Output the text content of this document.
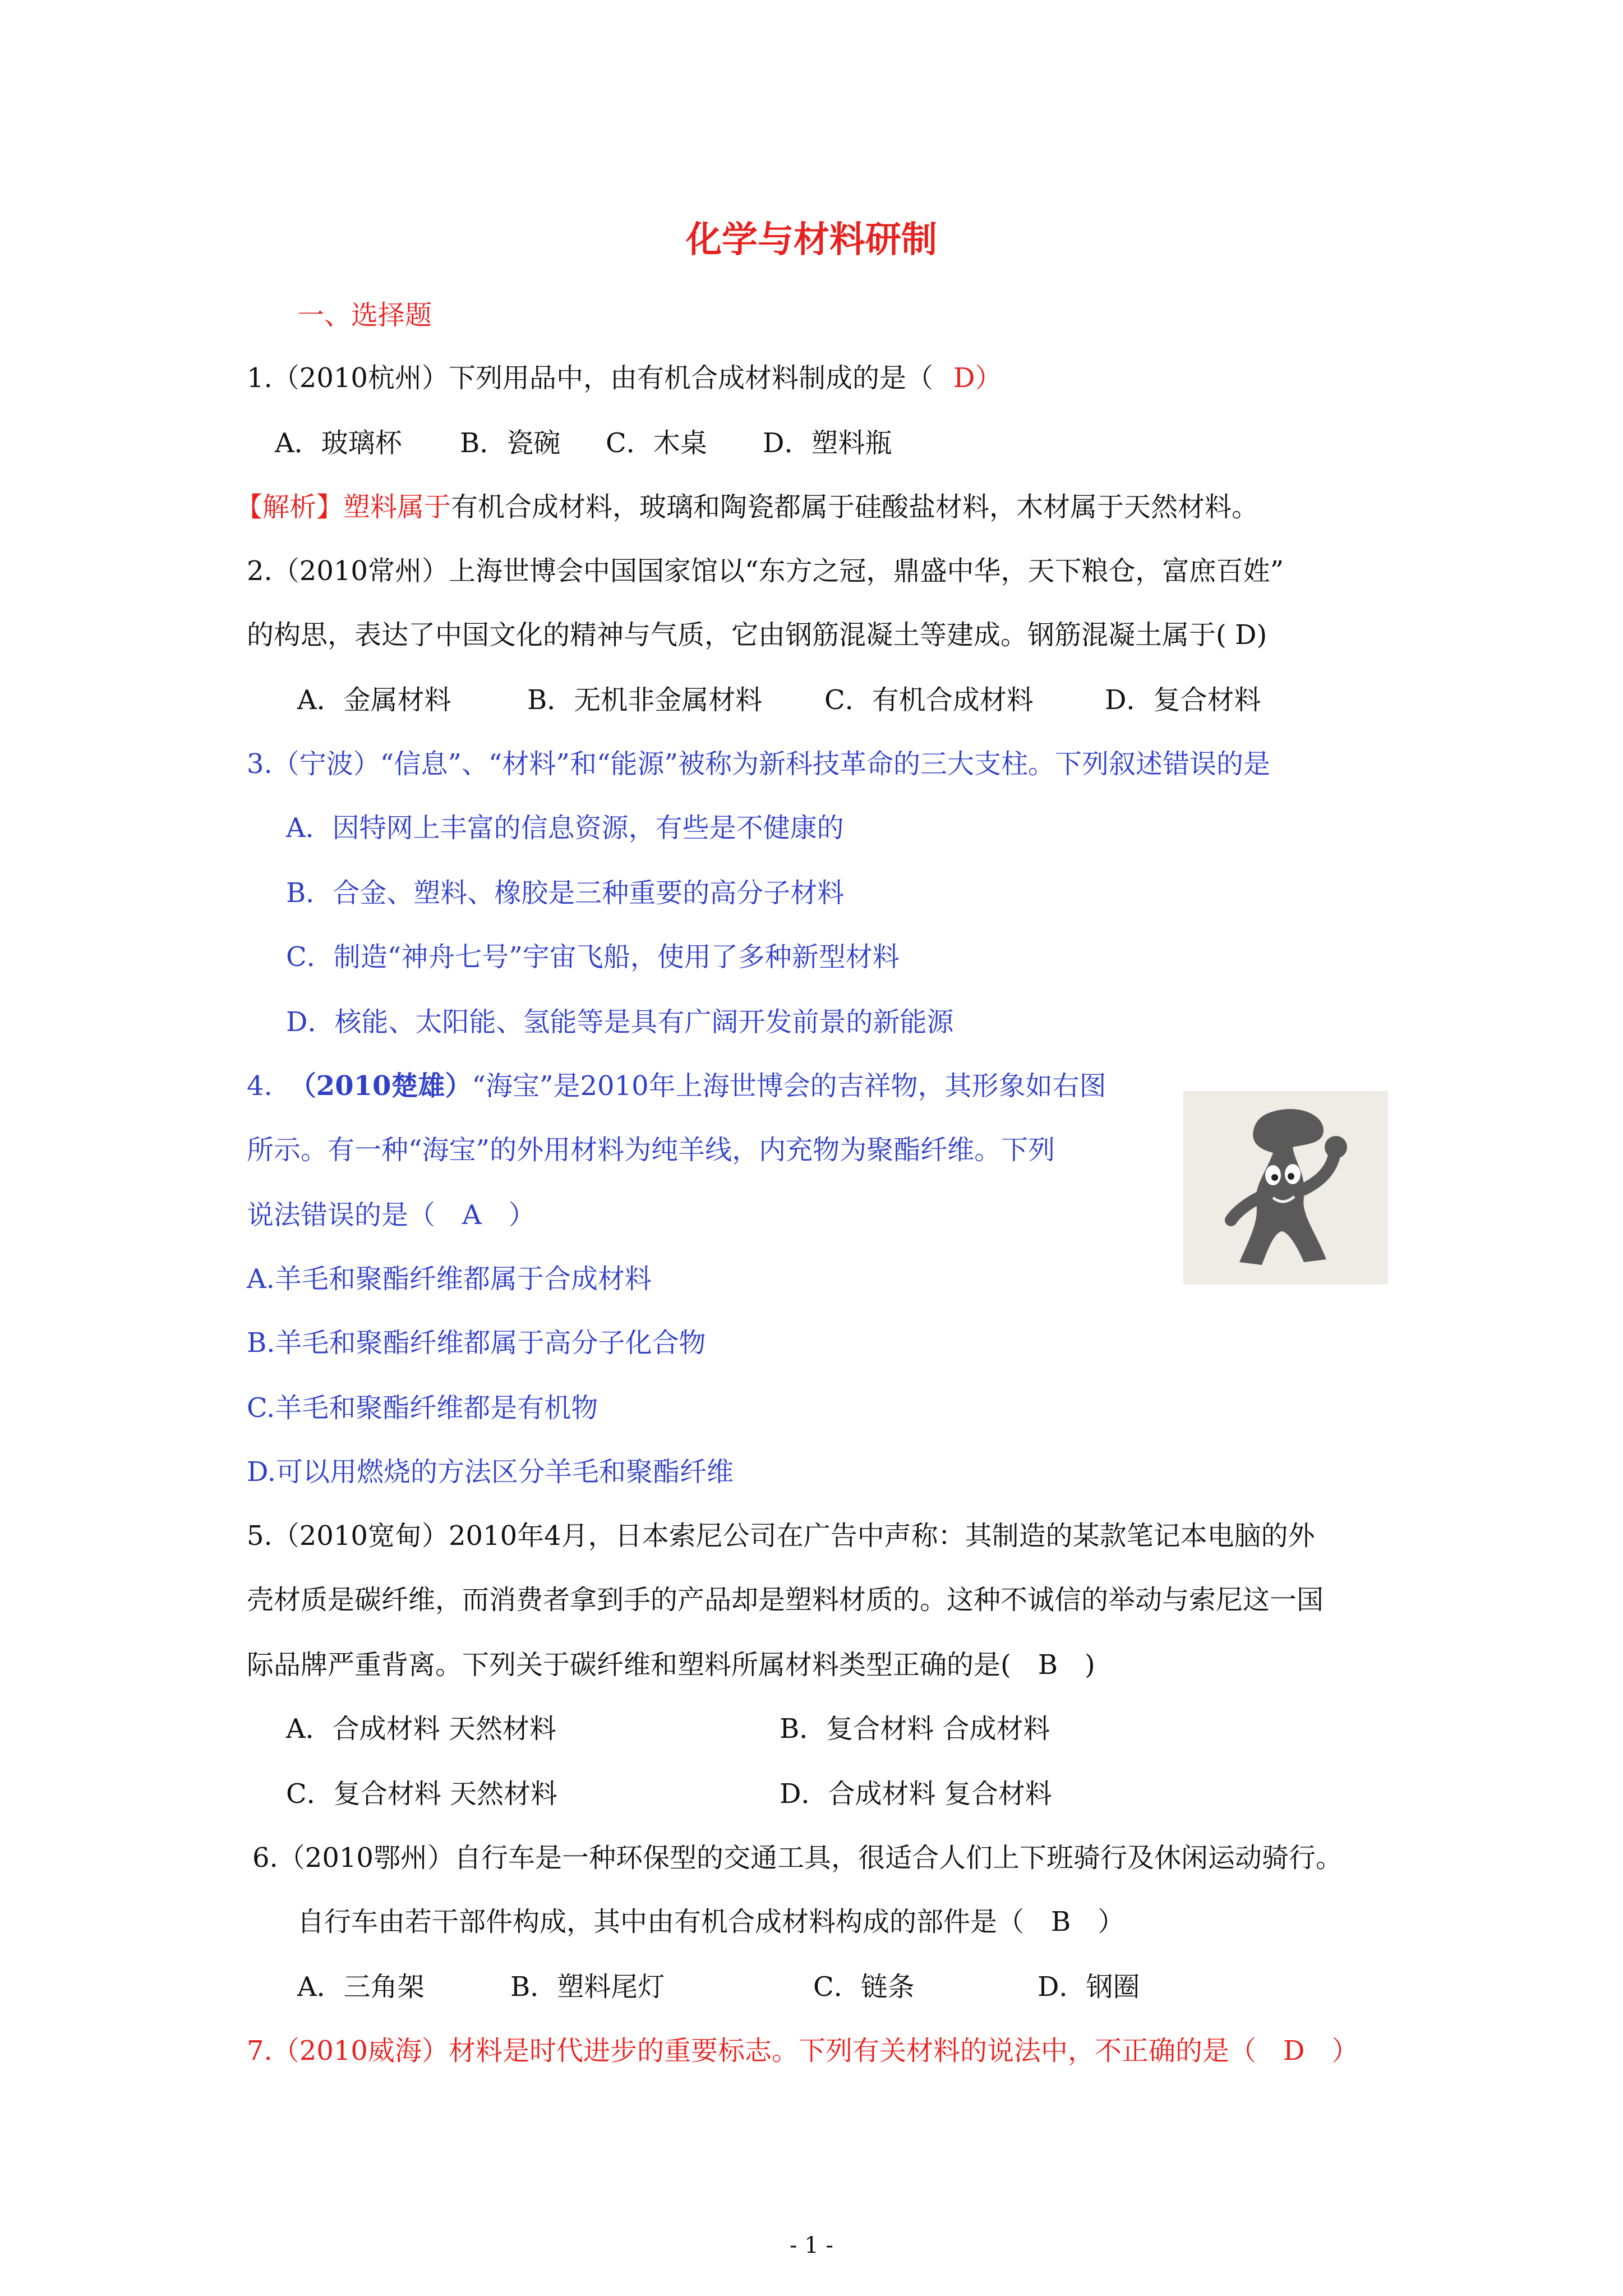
化学与材料研制
一、选择题
1.（2010杭州）下列用品中，由有机合成材料制成的是（ D）
A．玻璃杯 B．瓷碗 C．木桌 D．塑料瓶
【解析】塑料属于有机合成材料，玻璃和陶瓷都属于硅酸盐材料，木材属于天然材料。
2.（2010常州）上海世博会中国国家馆以“东方之冠，鼎盛中华，天下粮仓，富庶百姓”
的构思，表达了中国文化的精神与气质，它由钢筋混凝土等建成。钢筋混凝土属于( D)
A．金属材料	B．无机非金属材料 C．有机合成材料	D．复合材料
3.（宁波）“信息”、“材料”和“能源”被称为新科技革命的三大支柱。下列叙述错误的是
A．因特网上丰富的信息资源，有些是不健康的
B．合金、塑料、橡胶是三种重要的高分子材料
C．制造“神舟七号”宇宙飞船，使用了多种新型材料
D．核能、太阳能、氢能等是具有广阔开发前景的新能源
4. （2010楚雄）“海宝”是2010年上海世博会的吉祥物，其形象如右图
所示。有一种“海宝”的外用材料为纯羊线，内充物为聚酯纤维。下列
说法错误的是（　A　）
A.羊毛和聚酯纤维都属于合成材料
B.羊毛和聚酯纤维都属于高分子化合物
C.羊毛和聚酯纤维都是有机物
D.可以用燃烧的方法区分羊毛和聚酯纤维
5.（2010宽甸）2010年4月，日本索尼公司在广告中声称：其制造的某款笔记本电脑的外
壳材质是碳纤维，而消费者拿到手的产品却是塑料材质的。这种不诚信的举动与索尼这一国
际品牌严重背离。下列关于碳纤维和塑料所属材料类型正确的是(　B　)
A．合成材料 天然材料	B．复合材料 合成材料
C．复合材料 天然材料	D．合成材料 复合材料
6.（2010鄂州）自行车是一种环保型的交通工具，很适合人们上下班骑行及休闲运动骑行。
自行车由若干部件构成，其中由有机合成材料构成的部件是（　B　）
A．三角架	B．塑料尾灯	C．链条	D．钢圈
7.（2010威海）材料是时代进步的重要标志。下列有关材料的说法中，不正确的是（　D　）
- 1 -
